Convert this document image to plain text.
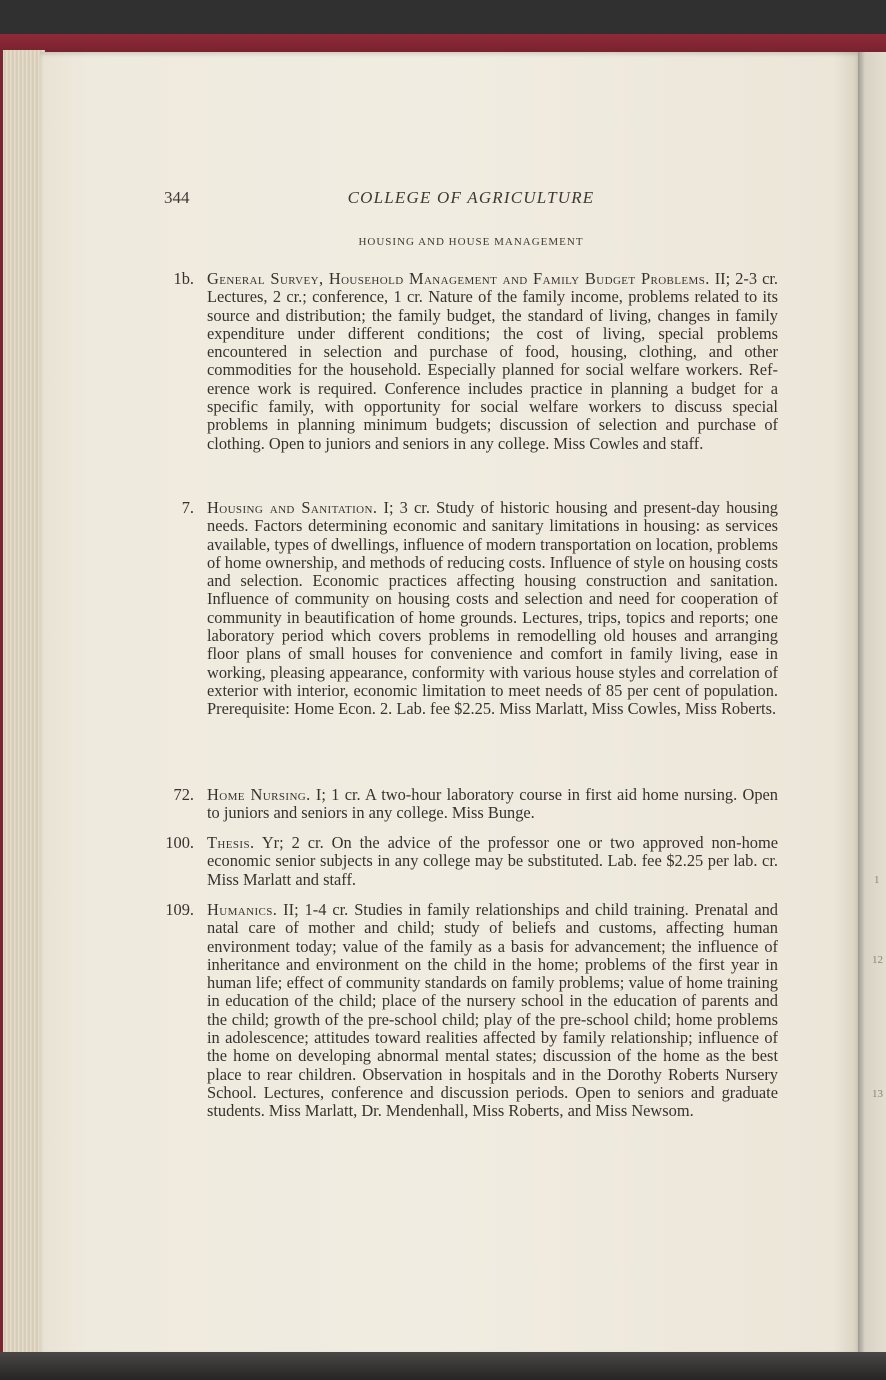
1
12
13
344	COLLEGE OF AGRICULTURE
HOUSING AND HOUSE MANAGEMENT
1b. General Survey, Household Management and Family Budget Problems. II; 2-3 cr. Lectures, 2 cr.; conference, 1 cr. Nature of the family income, problems related to its source and distribution; the family budget, the standard of living, changes in family expenditure under different conditions; the cost of living, special problems encountered in selection and purchase of food, housing, clothing, and other commodities for the household. Especially planned for social welfare workers. Reference work is required. Conference includes practice in planning a budget for a specific family, with opportunity for social welfare workers to discuss special problems in planning minimum budgets; discussion of selection and purchase of clothing. Open to juniors and seniors in any college. Miss Cowles and staff.
7. Housing and Sanitation. I; 3 cr. Study of historic housing and present-day housing needs. Factors determining economic and sanitary limitations in housing: as services available, types of dwellings, influence of modern transportation on location, problems of home ownership, and methods of reducing costs. Influence of style on housing costs and selection. Economic practices affecting housing construction and sanitation. Influence of community on housing costs and selection and need for cooperation of community in beautification of home grounds. Lectures, trips, topics and reports; one laboratory period which covers problems in remodelling old houses and arranging floor plans of small houses for convenience and comfort in family living, ease in working, pleasing appearance, conformity with various house styles and correlation of exterior with interior, economic limitation to meet needs of 85 per cent of population. Prerequisite: Home Econ. 2. Lab. fee $2.25. Miss Marlatt, Miss Cowles, Miss Roberts.
72. Home Nursing. I; 1 cr. A two-hour laboratory course in first aid home nursing. Open to juniors and seniors in any college. Miss Bunge.
100. Thesis. Yr; 2 cr. On the advice of the professor one or two approved non-home economic senior subjects in any college may be substituted. Lab. fee $2.25 per lab. cr. Miss Marlatt and staff.
109. Humanics. II; 1-4 cr. Studies in family relationships and child training. Prenatal and natal care of mother and child; study of beliefs and customs, affecting human environment today; value of the family as a basis for advancement; the influence of inheritance and environment on the child in the home; problems of the first year in human life; effect of community standards on family problems; value of home training in education of the child; place of the nursery school in the education of parents and the child; growth of the pre-school child; play of the pre-school child; home problems in adolescence; attitudes toward realities affected by family relationship; influence of the home on developing abnormal mental states; discussion of the home as the best place to rear children. Observation in hospitals and in the Dorothy Roberts Nursery School. Lectures, conference and discussion periods. Open to seniors and graduate students. Miss Marlatt, Dr. Mendenhall, Miss Roberts, and Miss Newsom.
